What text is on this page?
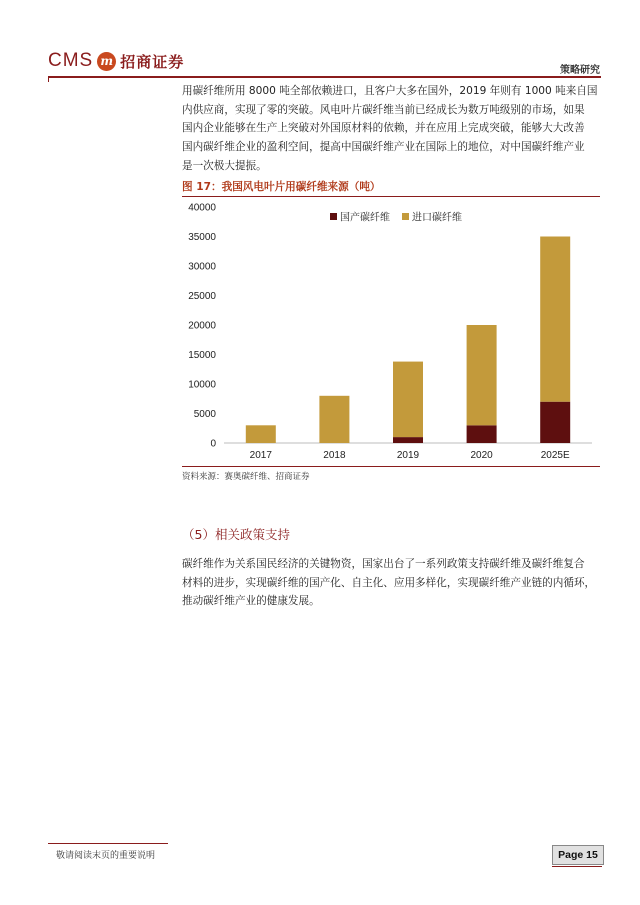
CMS m 招商证券	策略研究
用碳纤维所用 8000 吨全部依赖进口，且客户大多在国外，2019 年则有 1000 吨来自国
内供应商，实现了零的突破。风电叶片碳纤维当前已经成长为数万吨级别的市场，如果
国内企业能够在生产上突破对外国原材料的依赖，并在应用上完成突破，能够大大改善
国内碳纤维企业的盈利空间，提高中国碳纤维产业在国际上的地位，对中国碳纤维产业
是一次极大提振。
图 17：我国风电叶片用碳纤维来源（吨）
0
5000
10000
15000
20000
25000
30000
35000
40000
2017	2018	2019	2020	2025E
国产碳纤维 进口碳纤维
资料来源：赛奥碳纤维、招商证券
（5）相关政策支持
碳纤维作为关系国民经济的关键物资，国家出台了一系列政策支持碳纤维及碳纤维复合
材料的进步，实现碳纤维的国产化、自主化、应用多样化，实现碳纤维产业链的内循环，
推动碳纤维产业的健康发展。
敬请阅读末页的重要说明	Page 15
